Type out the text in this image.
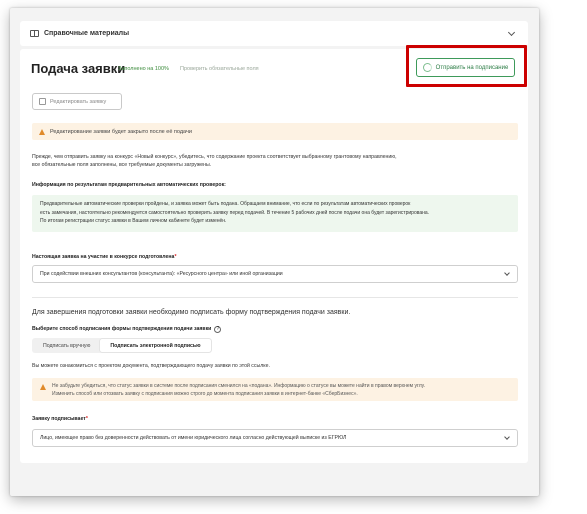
Справочные материалы
Подача заявки
Заполнено на 100% Проверить обязательные поля	Отправить на подписание
Редактировать заявку
Редактирование заявки будет закрыто после её подачи
Прежде, чем отправить заявку на конкурс «Новый конкурс», убедитесь, что содержание проекта соответствует выбранному грантовому направлению,
все обязательные поля заполнены, все требуемые документы загружены.
Информация по результатам предварительных автоматических проверок:
Предварительные автоматические проверки пройдены, и заявка может быть подана. Обращаем внимание, что если по результатам автоматических проверок
есть замечания, настоятельно рекомендуется самостоятельно проверить заявку перед подачей. В течение 5 рабочих дней после подачи она будет зарегистрирована.
По итогам регистрации статус заявки в Вашем личном кабинете будет изменён.
Настоящая заявка на участие в конкурсе подготовлена*
При содействии внешних консультантов (консультанта): «Ресурсного центра» или иной организации
Для завершения подготовки заявки необходимо подписать форму подтверждения подачи заявки.
Выберите способ подписания формы подтверждения подачи заявки ?
Подписать вручную	Подписать электронной подписью
Вы можете ознакомиться с проектом документа, подтверждающего подачу заявки по этой ссылке.
Не забудьте убедиться, что статус заявки в системе после подписания сменился на «подана». Информацию о статусе вы можете найти в правом верхнем углу.
Изменить способ или отозвать заявку с подписания можно строго до момента подписания заявки в интернет-банке «СберБизнес».
Заявку подписывает*
Лицо, имеющее право без доверенности действовать от имени юридического лица согласно действующей выписке из ЕГРЮЛ
